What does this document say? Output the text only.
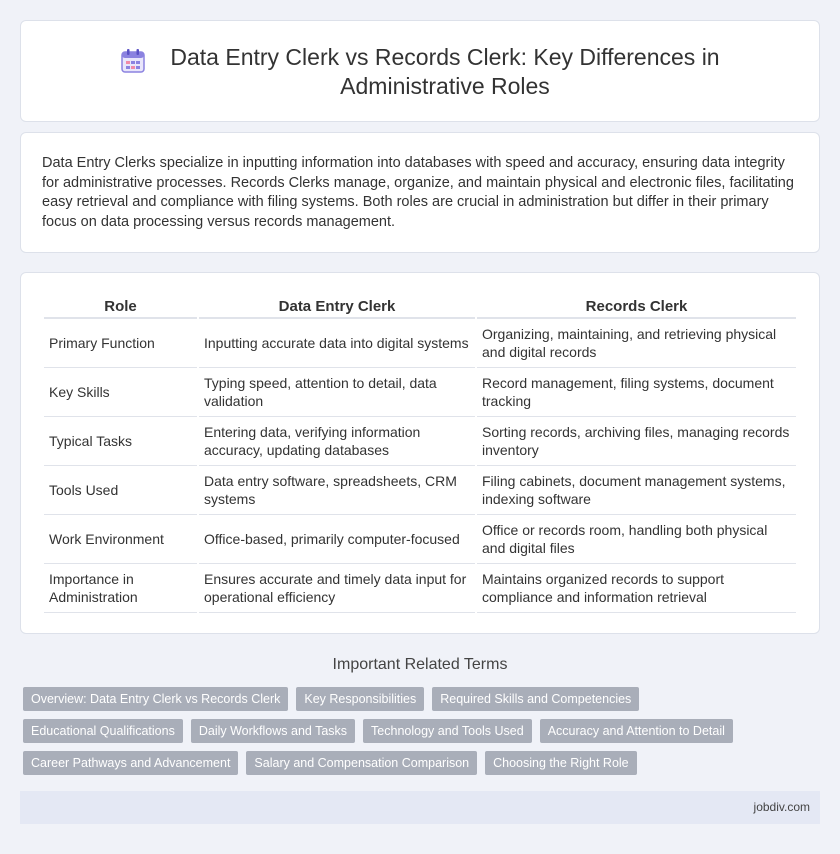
Data Entry Clerk vs Records Clerk: Key Differences in Administrative Roles

Data Entry Clerks specialize in inputting information into databases with speed and accuracy, ensuring data integrity for administrative processes. Records Clerks manage, organize, and maintain physical and electronic files, facilitating easy retrieval and compliance with filing systems. Both roles are crucial in administration but differ in their primary focus on data processing versus records management.

Role	Data Entry Clerk	Records Clerk
Primary Function	Inputting accurate data into digital systems	Organizing, maintaining, and retrieving physical and digital records
Key Skills	Typing speed, attention to detail, data validation	Record management, filing systems, document tracking
Typical Tasks	Entering data, verifying information accuracy, updating databases	Sorting records, archiving files, managing records inventory
Tools Used	Data entry software, spreadsheets, CRM systems	Filing cabinets, document management systems, indexing software
Work Environment	Office-based, primarily computer-focused	Office or records room, handling both physical and digital files
Importance in Administration	Ensures accurate and timely data input for operational efficiency	Maintains organized records to support compliance and information retrieval
Important Related Terms
Overview: Data Entry Clerk vs Records Clerk	Key Responsibilities	Required Skills and Competencies
Educational Qualifications	Daily Workflows and Tasks	Technology and Tools Used	Accuracy and Attention to Detail
Career Pathways and Advancement	Salary and Compensation Comparison	Choosing the Right Role
jobdiv.com
